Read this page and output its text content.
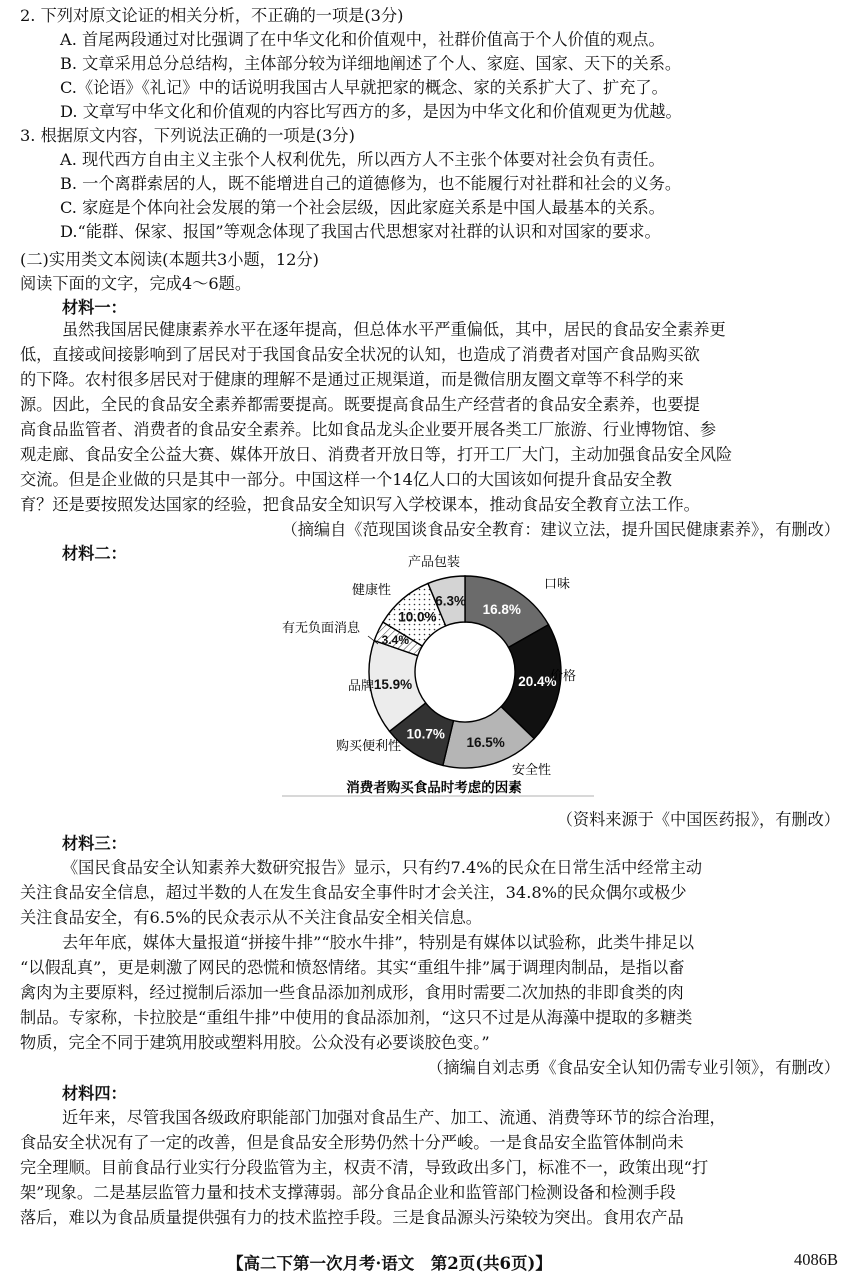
2. 下列对原文论证的相关分析，不正确的一项是(3分)
A. 首尾两段通过对比强调了在中华文化和价值观中，社群价值高于个人价值的观点。
B. 文章采用总分总结构，主体部分较为详细地阐述了个人、家庭、国家、天下的关系。
C.《论语》《礼记》中的话说明我国古人早就把家的概念、家的关系扩大了、扩充了。
D. 文章写中华文化和价值观的内容比写西方的多，是因为中华文化和价值观更为优越。
3. 根据原文内容，下列说法正确的一项是(3分)
A. 现代西方自由主义主张个人权利优先，所以西方人不主张个体要对社会负有责任。
B. 一个离群索居的人，既不能增进自己的道德修为，也不能履行对社群和社会的义务。
C. 家庭是个体向社会发展的第一个社会层级，因此家庭关系是中国人最基本的关系。
D.“能群、保家、报国”等观念体现了我国古代思想家对社群的认识和对国家的要求。
(二)实用类文本阅读(本题共3小题，12分)
阅读下面的文字，完成4～6题。
材料一：
虽然我国居民健康素养水平在逐年提高，但总体水平严重偏低，其中，居民的食品安全素养更
低，直接或间接影响到了居民对于我国食品安全状况的认知，也造成了消费者对国产食品购买欲
的下降。农村很多居民对于健康的理解不是通过正规渠道，而是微信朋友圈文章等不科学的来
源。因此，全民的食品安全素养都需要提高。既要提高食品生产经营者的食品安全素养，也要提
高食品监管者、消费者的食品安全素养。比如食品龙头企业要开展各类工厂旅游、行业博物馆、参
观走廊、食品安全公益大赛、媒体开放日、消费者开放日等，打开工厂大门，主动加强食品安全风险
交流。但是企业做的只是其中一部分。中国这样一个14亿人口的大国该如何提升食品安全教
育？还是要按照发达国家的经验，把食品安全知识写入学校课本，推动食品安全教育立法工作。
16.8%
口味
20.4%
价格
16.5%
安全性
10.7%
购买便利性
15.9%
品牌
3.4%
有无负面消息
10.0%
健康性
6.3%
产品包装
消费者购买食品时考虑的因素
（资料来源于《中国医药报》，有删改）
材料三：
《国民食品安全认知素养大数研究报告》显示，只有约7.4%的民众在日常生活中经常主动
关注食品安全信息，超过半数的人在发生食品安全事件时才会关注，34.8%的民众偶尔或极少
关注食品安全，有6.5%的民众表示从不关注食品安全相关信息。
去年年底，媒体大量报道“拼接牛排”“胶水牛排”，特别是有媒体以试验称，此类牛排足以
“以假乱真”，更是刺激了网民的恐慌和愤怒情绪。其实“重组牛排”属于调理肉制品，是指以畜
禽肉为主要原料，经过搅制后添加一些食品添加剂成形，食用时需要二次加热的非即食类的肉
制品。专家称，卡拉胶是“重组牛排”中使用的食品添加剂，“这只不过是从海藻中提取的多糖类
物质，完全不同于建筑用胶或塑料用胶。公众没有必要谈胶色变。”
（摘编自刘志勇《食品安全认知仍需专业引领》，有删改）
材料四：
近年来，尽管我国各级政府职能部门加强对食品生产、加工、流通、消费等环节的综合治理，
食品安全状况有了一定的改善，但是食品安全形势仍然十分严峻。一是食品安全监管体制尚未
完全理顺。目前食品行业实行分段监管为主，权责不清，导致政出多门，标准不一，政策出现“打
架”现象。二是基层监管力量和技术支撑薄弱。部分食品企业和监管部门检测设备和检测手段
落后，难以为食品质量提供强有力的技术监控手段。三是食品源头污染较为突出。食用农产品
【高二下第一次月考·语文　第2页(共6页)】	4086B
（摘编自《范现国谈食品安全教育：建议立法，提升国民健康素养》，有删改）
材料二：
